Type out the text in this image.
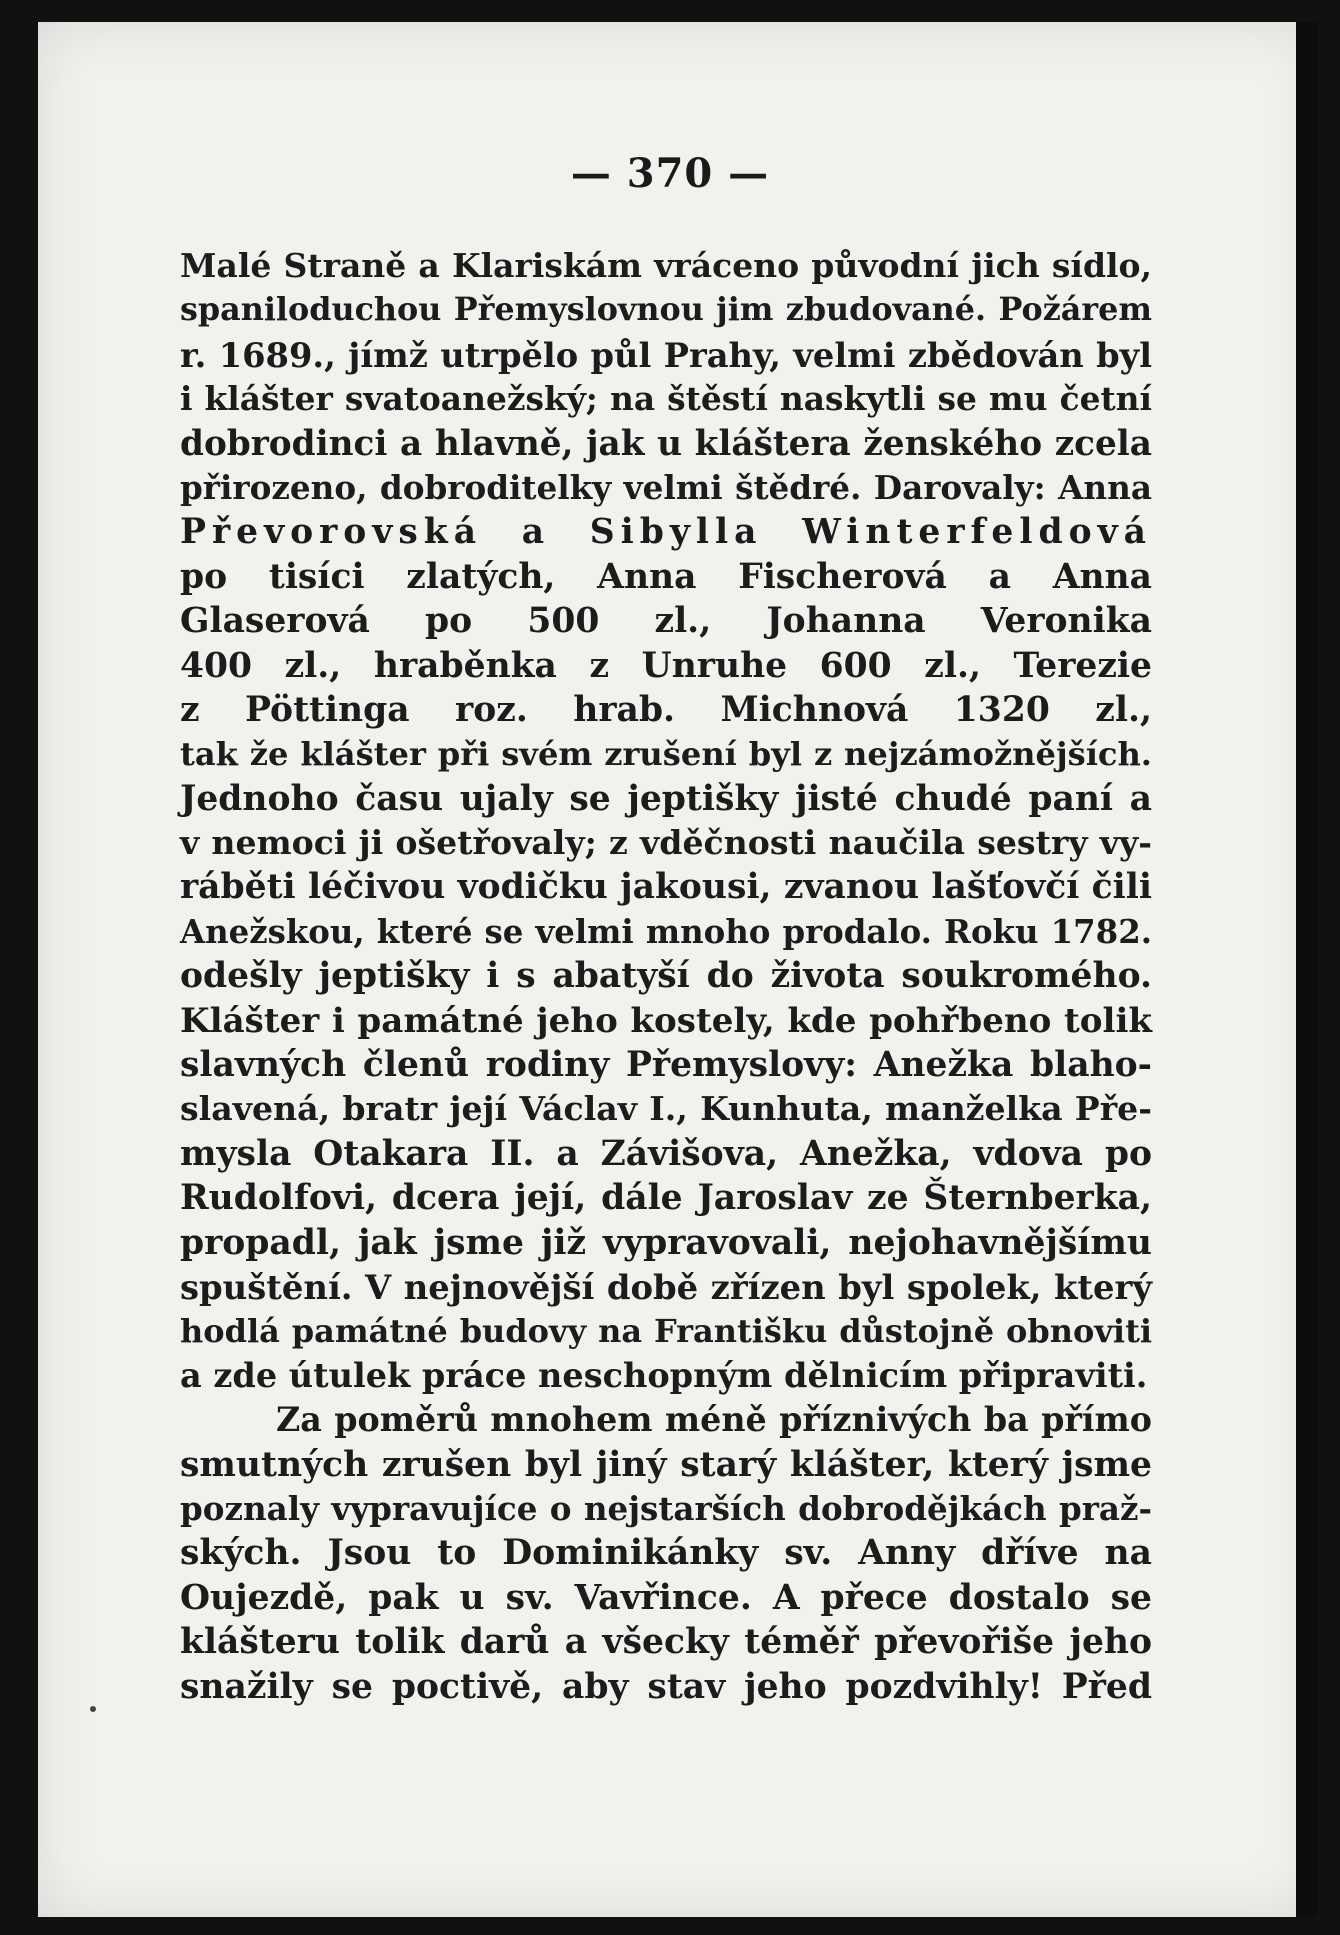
— 370 —
Malé Straně a Klariskám vráceno původní jich sídlo,
spaniloduchou Přemyslovnou jim zbudované. Požárem
r. 1689., jímž utrpělo půl Prahy, velmi zbědován byl
i klášter svatoanežský; na štěstí naskytli se mu četní
dobrodinci a hlavně, jak u kláštera ženského zcela
přirozeno, dobroditelky velmi štědré. Darovaly: Anna
Převorovská a Sibylla Winterfeldová
po tisíci zlatých, Anna Fischerová a Anna
Glaserová po 500 zl., Johanna Veronika
400 zl., hraběnka z Unruhe 600 zl., Terezie
z Pöttinga roz. hrab. Michnová 1320 zl.,
tak že klášter při svém zrušení byl z nejzámožnějších.
Jednoho času ujaly se jeptišky jisté chudé paní a
v nemoci ji ošetřovaly; z vděčnosti naučila sestry vy-
ráběti léčivou vodičku jakousi, zvanou lašťovčí čili
Anežskou, které se velmi mnoho prodalo. Roku 1782.
odešly jeptišky i s abatyší do života soukromého.
Klášter i památné jeho kostely, kde pohřbeno tolik
slavných členů rodiny Přemyslovy: Anežka blaho-
slavená, bratr její Václav I., Kunhuta, manželka Pře-
mysla Otakara II. a Závišova, Anežka, vdova po
Rudolfovi, dcera její, dále Jaroslav ze Šternberka,
propadl, jak jsme již vypravovali, nejohavnějšímu
spuštění. V nejnovější době zřízen byl spolek, který
hodlá památné budovy na Františku důstojně obnoviti
a zde útulek práce neschopným dělnicím připraviti.
Za poměrů mnohem méně příznivých ba přímo
smutných zrušen byl jiný starý klášter, který jsme
poznaly vypravujíce o nejstarších dobrodějkách praž-
ských. Jsou to Dominikánky sv. Anny dříve na
Oujezdě, pak u sv. Vavřince. A přece dostalo se
klášteru tolik darů a všecky téměř převořiše jeho
snažily se poctivě, aby stav jeho pozdvihly! Před
